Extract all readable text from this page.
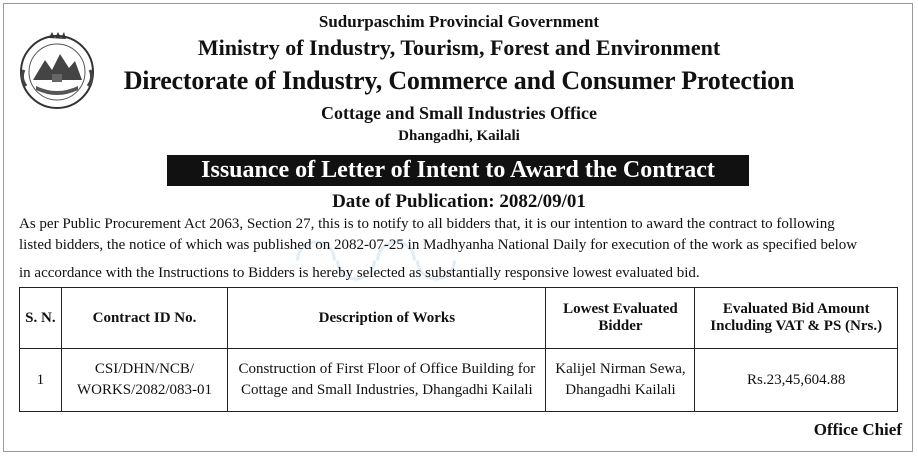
Sudurpaschim Provincial Government
Ministry of Industry, Tourism, Forest and Environment
Directorate of Industry, Commerce and Consumer Protection
Cottage and Small Industries Office
Dhangadhi, Kailali
Issuance of Letter of Intent to Award the Contract
Date of Publication: 2082/09/01
◠◡◠◡
As per Public Procurement Act 2063, Section 27, this is to notify to all bidders that, it is our intention to award the contract to following
listed bidders, the notice of which was published on 2082-07-25 in Madhyanha National Daily for execution of the work as specified below
in accordance with the Instructions to Bidders is hereby selected as substantially responsive lowest evaluated bid.
S. N.	Contract ID No.	Description of Works	Lowest Evaluated Bidder	Evaluated Bid Amount Including VAT & PS (Nrs.)
1	CSI/DHN/NCB/ WORKS/2082/083-01	Construction of First Floor of Office Building for Cottage and Small Industries, Dhangadhi Kailali	Kalijel Nirman Sewa, Dhangadhi Kailali	Rs.23,45,604.88
Office Chief
